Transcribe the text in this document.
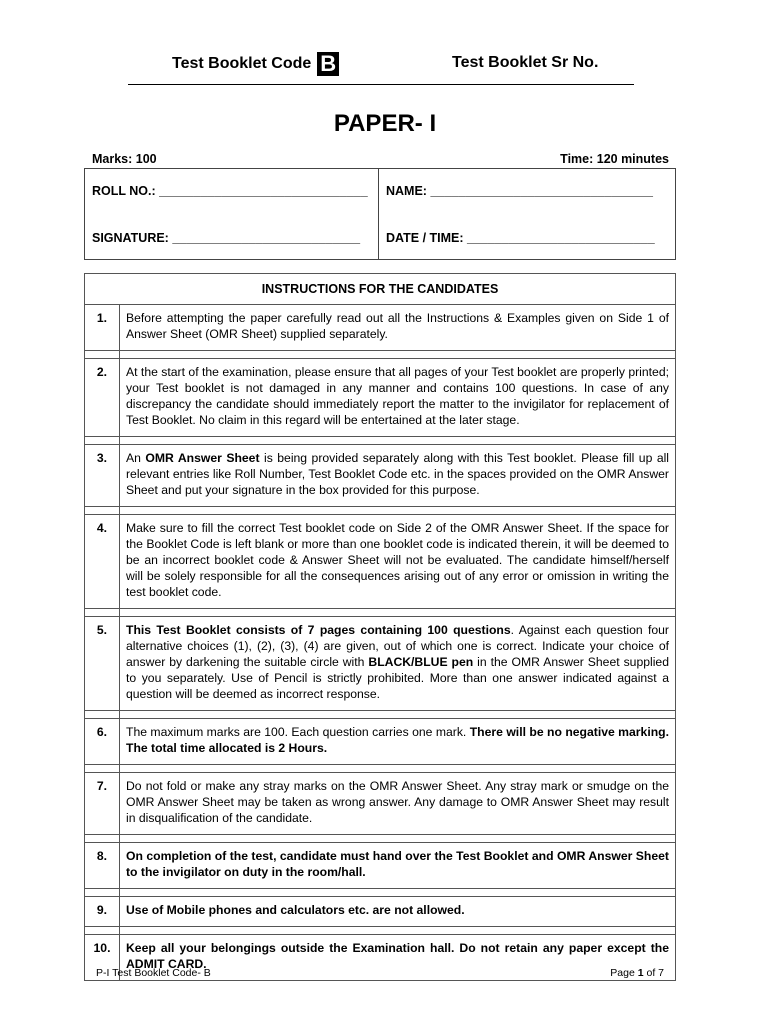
Test Booklet Code B	Test Booklet Sr No.
PAPER- I
Marks: 100	Time: 120 minutes
ROLL NO.: ______________________________ NAME: ________________________________
SIGNATURE: ___________________________ DATE / TIME: ___________________________
INSTRUCTIONS FOR THE CANDIDATES	
1.	Before attempting the paper carefully read out all the Instructions & Examples given on Side 1 of Answer Sheet (OMR Sheet) supplied separately.

2.	At the start of the examination, please ensure that all pages of your Test booklet are properly printed; your Test booklet is not damaged in any manner and contains 100 questions. In case of any discrepancy the candidate should immediately report the matter to the invigilator for replacement of Test Booklet. No claim in this regard will be entertained at the later stage.

3.	An OMR Answer Sheet is being provided separately along with this Test booklet. Please fill up all relevant entries like Roll Number, Test Booklet Code etc. in the spaces provided on the OMR Answer Sheet and put your signature in the box provided for this purpose.

4.	Make sure to fill the correct Test booklet code on Side 2 of the OMR Answer Sheet. If the space for the Booklet Code is left blank or more than one booklet code is indicated therein, it will be deemed to be an incorrect booklet code & Answer Sheet will not be evaluated. The candidate himself/herself will be solely responsible for all the consequences arising out of any error or omission in writing the test booklet code.

5.	This Test Booklet consists of 7 pages containing 100 questions. Against each question four alternative choices (1), (2), (3), (4) are given, out of which one is correct. Indicate your choice of answer by darkening the suitable circle with BLACK/BLUE pen in the OMR Answer Sheet supplied to you separately. Use of Pencil is strictly prohibited. More than one answer indicated against a question will be deemed as incorrect response.

6.	The maximum marks are 100. Each question carries one mark. There will be no negative marking. The total time allocated is 2 Hours.

7.	Do not fold or make any stray marks on the OMR Answer Sheet. Any stray mark or smudge on the OMR Answer Sheet may be taken as wrong answer. Any damage to OMR Answer Sheet may result in disqualification of the candidate.

8.	On completion of the test, candidate must hand over the Test Booklet and OMR Answer Sheet to the invigilator on duty in the room/hall.

9.	Use of Mobile phones and calculators etc. are not allowed.

10.	Keep all your belongings outside the Examination hall. Do not retain any paper except the ADMIT CARD.
P-I Test Booklet Code- B	Page 1 of 7
